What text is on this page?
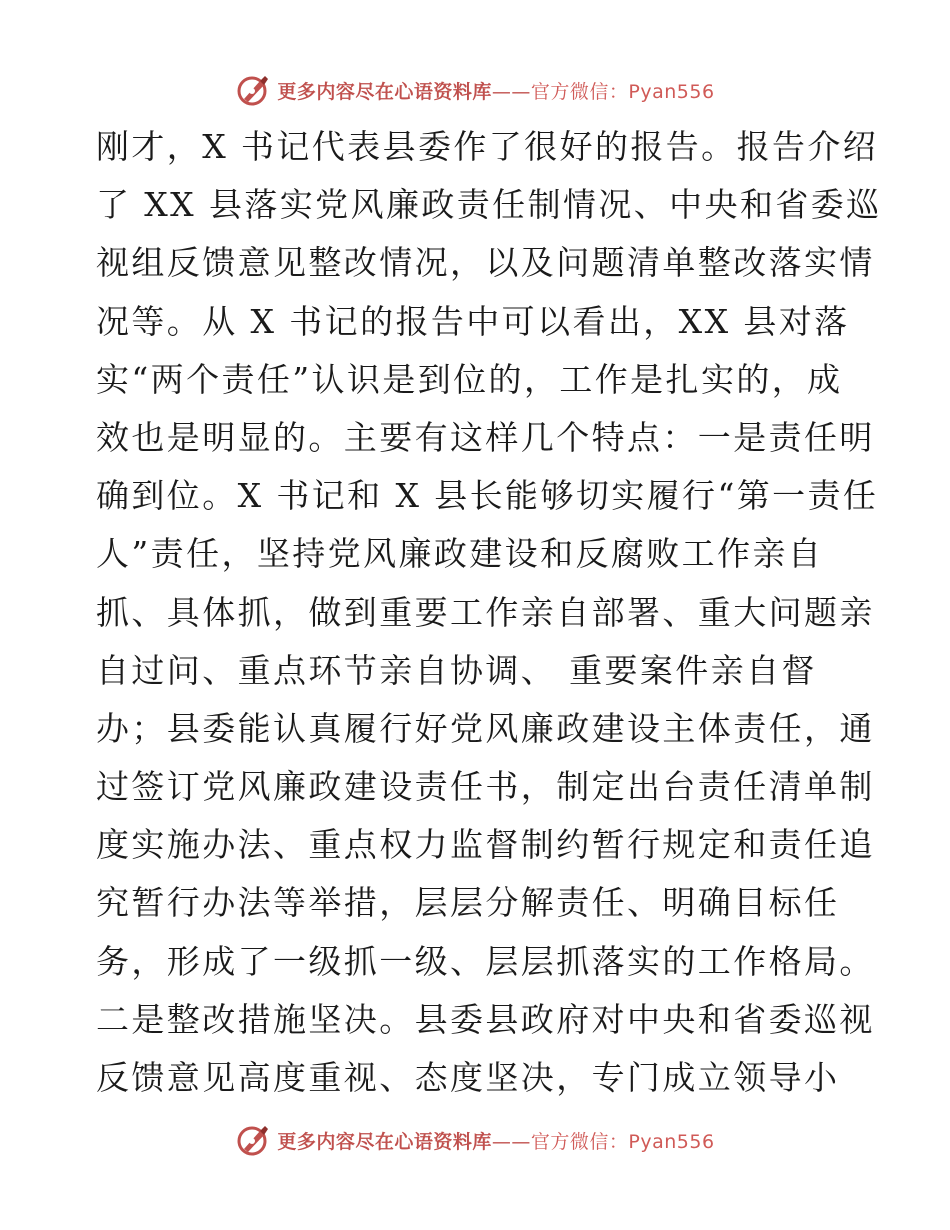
更多内容尽在心语资料库——官方微信：Pyan556
刚才，X 书记代表县委作了很好的报告。报告介绍
了 XX 县落实党风廉政责任制情况、中央和省委巡
视组反馈意见整改情况，以及问题清单整改落实情
况等。从 X 书记的报告中可以看出，XX 县对落
实“两个责任”认识是到位的，工作是扎实的，成
效也是明显的。主要有这样几个特点：一是责任明
确到位。X 书记和 X 县长能够切实履行“第一责任
人”责任，坚持党风廉政建设和反腐败工作亲自
抓、具体抓，做到重要工作亲自部署、重大问题亲
自过问、重点环节亲自协调、 重要案件亲自督
办；县委能认真履行好党风廉政建设主体责任，通
过签订党风廉政建设责任书，制定出台责任清单制
度实施办法、重点权力监督制约暂行规定和责任追
究暂行办法等举措，层层分解责任、明确目标任
务，形成了一级抓一级、层层抓落实的工作格局。
二是整改措施坚决。县委县政府对中央和省委巡视
反馈意见高度重视、态度坚决，专门成立领导小
更多内容尽在心语资料库——官方微信：Pyan556
